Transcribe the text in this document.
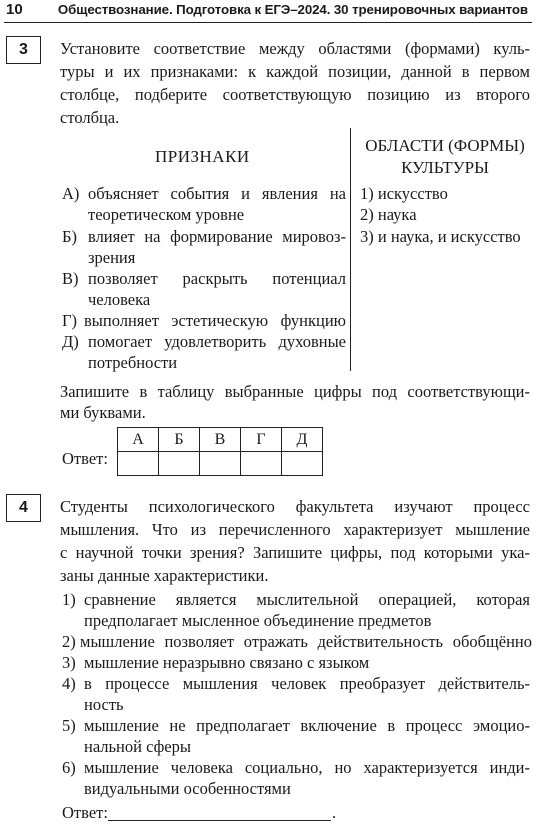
10	Обществознание. Подготовка к ЕГЭ–2024. 30 тренировочных вариантов
3	Установите соответствие между областями (формами) куль-
туры и их признаками: к каждой позиции, данной в первом
столбце, подберите соответствующую позицию из второго
столбца.
ПРИЗНАКИ
ОБЛАСТИ (ФОРМЫ)
КУЛЬТУРЫ
А) объясняет события и явления на
теоретическом уровне
Б) влияет на формирование мировоз-
зрения
В) позволяет раскрыть потенциал
человека
Г) выполняет эстетическую функцию
Д) помогает удовлетворить духовные
потребности
1) искусство
2) наука
3) и наука, и искусство
Запишите в таблицу выбранные цифры под соответствующи-
ми буквами.
Ответ:
А	Б	В	Г	Д

4	Студенты психологического факультета изучают процесс
мышления. Что из перечисленного характеризует мышление
с научной точки зрения? Запишите цифры, под которыми ука-
заны данные характеристики.
1) сравнение является мыслительной операцией, которая
предполагает мысленное объединение предметов
2) мышление позволяет отражать действительность обобщённо
3) мышление неразрывно связано с языком
4) в процессе мышления человек преобразует действитель-
ность
5) мышление не предполагает включение в процесс эмоцио-
нальной сферы
6) мышление человека социально, но характеризуется инди-
видуальными особенностями
Ответ:	.
